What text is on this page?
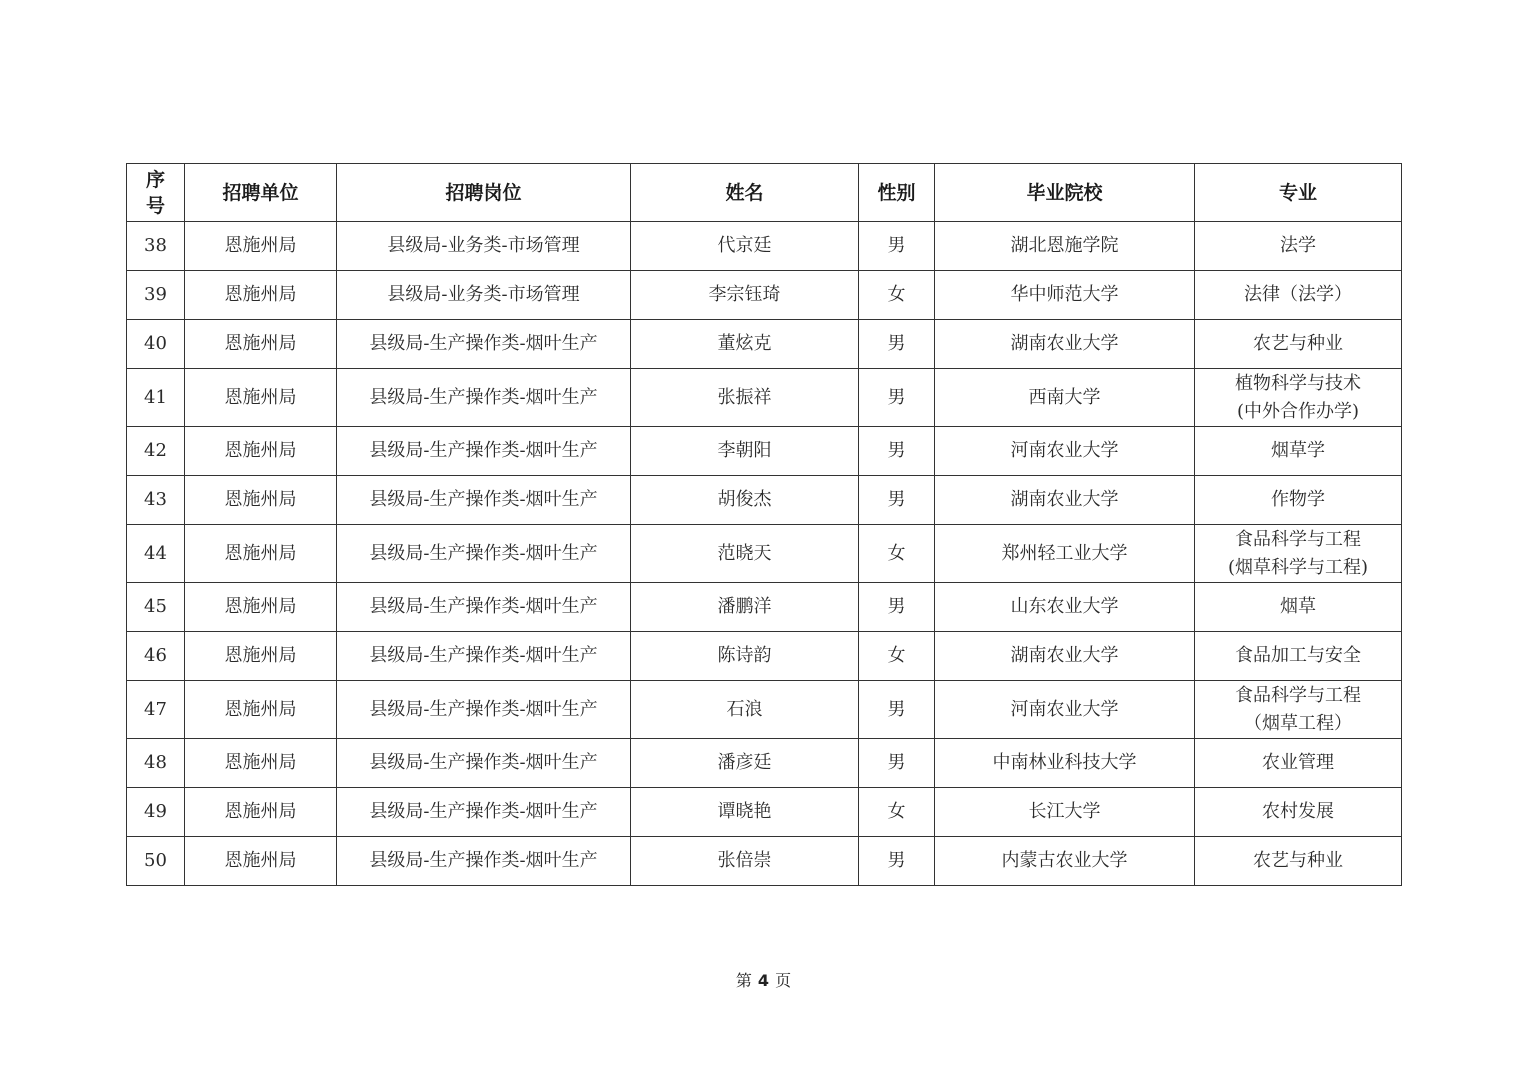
序
号	招聘单位	招聘岗位	姓名	性别	毕业院校	专业
38	恩施州局	县级局-业务类-市场管理	代京廷	男	湖北恩施学院	法学

39	恩施州局	县级局-业务类-市场管理	李宗钰琦	女	华中师范大学	法律（法学）

40	恩施州局	县级局-生产操作类-烟叶生产	董炫克	男	湖南农业大学	农艺与种业

41	恩施州局	县级局-生产操作类-烟叶生产	张振祥	男	西南大学	植物科学与技术
(中外合作办学)

42	恩施州局	县级局-生产操作类-烟叶生产	李朝阳	男	河南农业大学	烟草学

43	恩施州局	县级局-生产操作类-烟叶生产	胡俊杰	男	湖南农业大学	作物学

44	恩施州局	县级局-生产操作类-烟叶生产	范晓天	女	郑州轻工业大学	食品科学与工程
(烟草科学与工程)

45	恩施州局	县级局-生产操作类-烟叶生产	潘鹏洋	男	山东农业大学	烟草

46	恩施州局	县级局-生产操作类-烟叶生产	陈诗韵	女	湖南农业大学	食品加工与安全

47	恩施州局	县级局-生产操作类-烟叶生产	石浪	男	河南农业大学	食品科学与工程
（烟草工程）

48	恩施州局	县级局-生产操作类-烟叶生产	潘彦廷	男	中南林业科技大学	农业管理

49	恩施州局	县级局-生产操作类-烟叶生产	谭晓艳	女	长江大学	农村发展

50	恩施州局	县级局-生产操作类-烟叶生产	张倍崇	男	内蒙古农业大学	农艺与种业
第 4 页
